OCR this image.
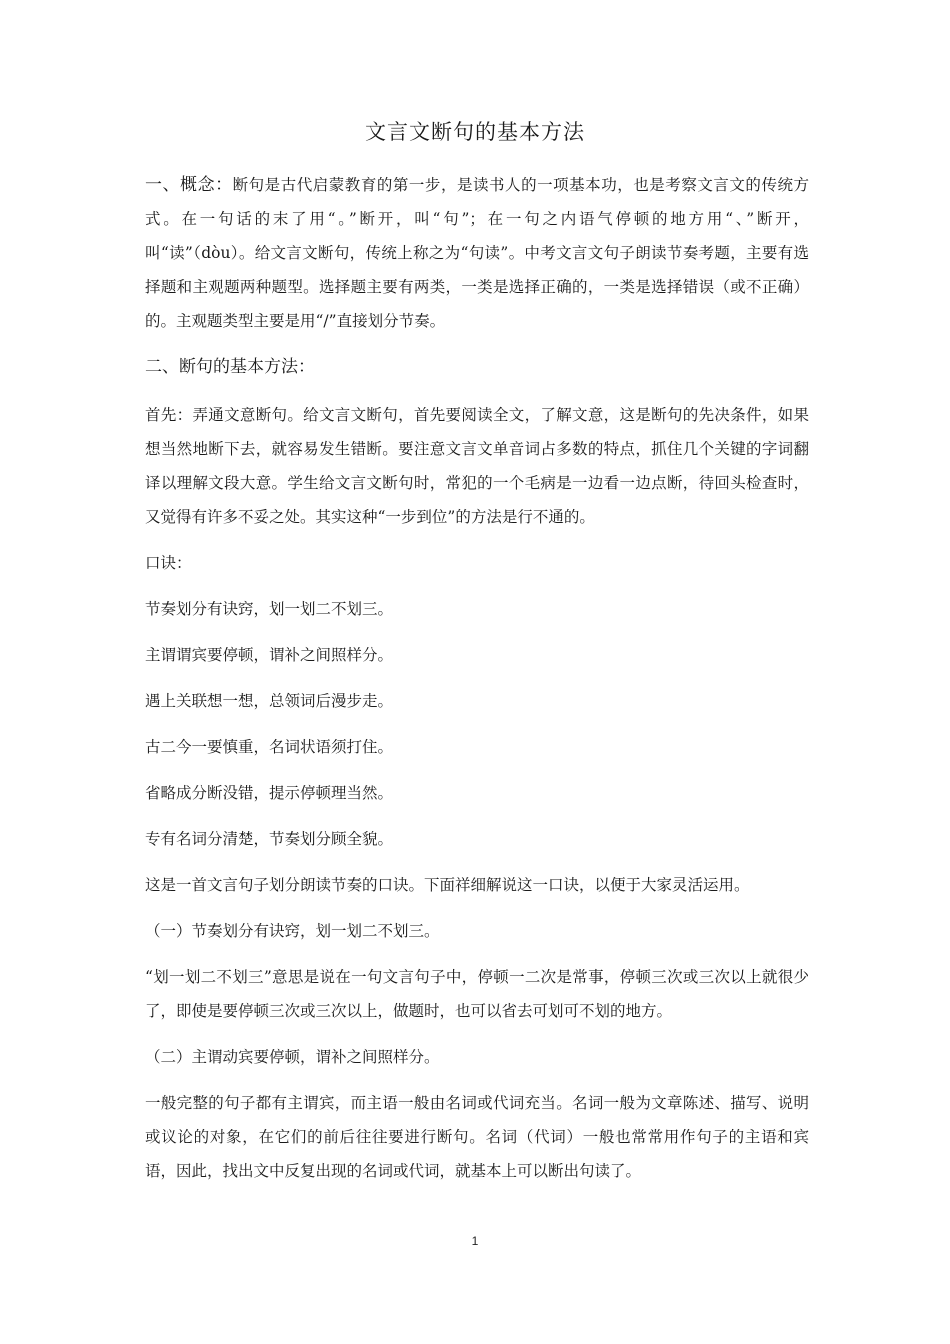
文言文断句的基本方法

一、概念：断句是古代启蒙教育的第一步，是读书人的一项基本功，也是考察文言文的传统方式。在一句话的末了用“。”断开，叫“句”；在一句之内语气停顿的地方用“、”断开，叫“读”（dòu）。给文言文断句，传统上称之为“句读”。中考文言文句子朗读节奏考题，主要有选择题和主观题两种题型。选择题主要有两类，一类是选择正确的，一类是选择错误（或不正确）的。主观题类型主要是用“/”直接划分节奏。

二、断句的基本方法：

首先：弄通文意断句。给文言文断句，首先要阅读全文，了解文意，这是断句的先决条件，如果想当然地断下去，就容易发生错断。要注意文言文单音词占多数的特点，抓住几个关键的字词翻译以理解文段大意。学生给文言文断句时，常犯的一个毛病是一边看一边点断，待回头检查时，又觉得有许多不妥之处。其实这种“一步到位”的方法是行不通的。

口诀：

节奏划分有诀窍，划一划二不划三。

主谓谓宾要停顿，谓补之间照样分。

遇上关联想一想，总领词后漫步走。

古二今一要慎重，名词状语须打住。

省略成分断没错，提示停顿理当然。

专有名词分清楚，节奏划分顾全貌。

这是一首文言句子划分朗读节奏的口诀。下面祥细解说这一口诀，以便于大家灵活运用。

（一）节奏划分有诀窍，划一划二不划三。

“划一划二不划三”意思是说在一句文言句子中，停顿一二次是常事，停顿三次或三次以上就很少了，即使是要停顿三次或三次以上，做题时，也可以省去可划可不划的地方。

（二）主谓动宾要停顿，谓补之间照样分。

一般完整的句子都有主谓宾，而主语一般由名词或代词充当。名词一般为文章陈述、描写、说明或议论的对象，在它们的前后往往要进行断句。名词（代词）一般也常常用作句子的主语和宾语，因此，找出文中反复出现的名词或代词，就基本上可以断出句读了。

1
